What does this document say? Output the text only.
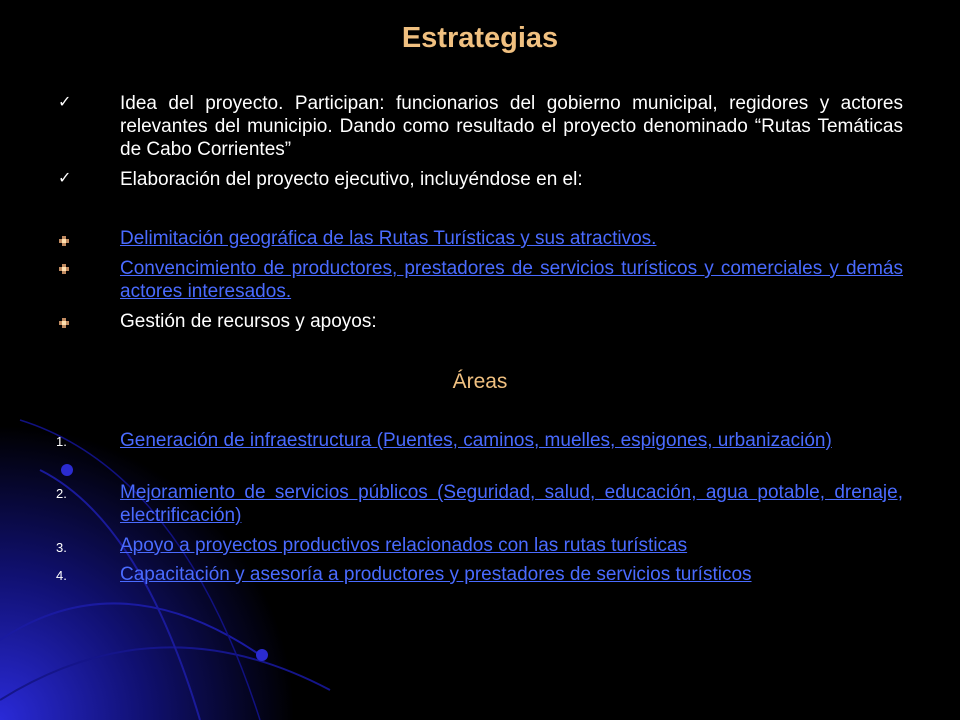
Estrategias
✓	Idea del proyecto. Participan: funcionarios del gobierno municipal, regidores y actores relevantes del municipio. Dando como resultado el proyecto denominado “Rutas Temáticas de Cabo Corrientes”
✓	Elaboración del proyecto ejecutivo, incluyéndose en el:
Delimitación geográfica de las Rutas Turísticas y sus atractivos.
Convencimiento de productores, prestadores de servicios turísticos y comerciales y demás actores interesados.
Gestión de recursos y apoyos:
Áreas
1.	Generación de infraestructura (Puentes, caminos, muelles, espigones, urbanización)
2.	Mejoramiento de servicios públicos (Seguridad, salud, educación, agua potable, drenaje, electrificación)
3.	Apoyo a proyectos productivos relacionados con las rutas turísticas
4.	Capacitación y asesoría a productores y prestadores de servicios turísticos
